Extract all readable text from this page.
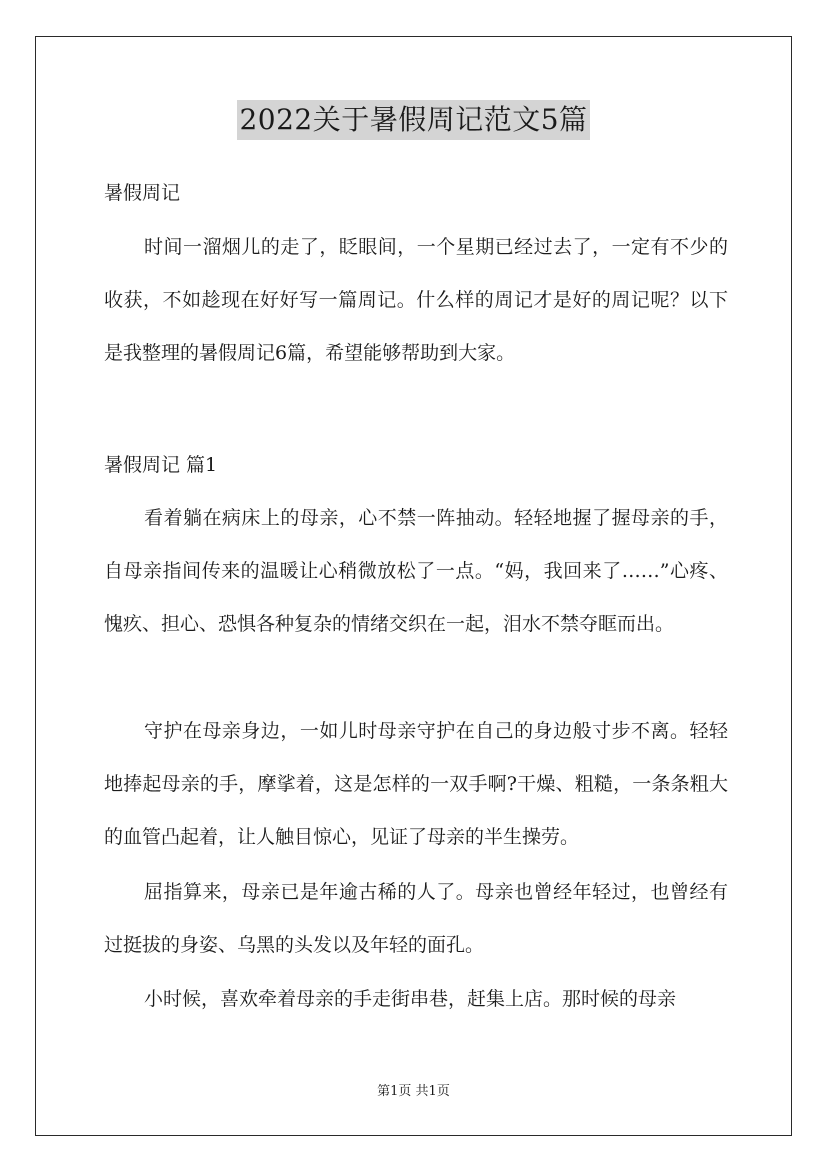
2022关于暑假周记范文5篇
暑假周记

时间一溜烟儿的走了，眨眼间，一个星期已经过去了，一定有不少的收获，不如趁现在好好写一篇周记。什么样的周记才是好的周记呢？以下是我整理的暑假周记6篇，希望能够帮助到大家。

暑假周记 篇1

看着躺在病床上的母亲，心不禁一阵抽动。轻轻地握了握母亲的手，自母亲指间传来的温暖让心稍微放松了一点。“妈，我回来了……”心疼、愧疚、担心、恐惧各种复杂的情绪交织在一起，泪水不禁夺眶而出。

守护在母亲身边，一如儿时母亲守护在自己的身边般寸步不离。轻轻地捧起母亲的手，摩挲着，这是怎样的一双手啊?干燥、粗糙，一条条粗大的血管凸起着，让人触目惊心，见证了母亲的半生操劳。

屈指算来，母亲已是年逾古稀的人了。母亲也曾经年轻过，也曾经有过挺拔的身姿、乌黑的头发以及年轻的面孔。

小时候，喜欢牵着母亲的手走街串巷，赶集上店。那时候的母亲

第1页 共1页
